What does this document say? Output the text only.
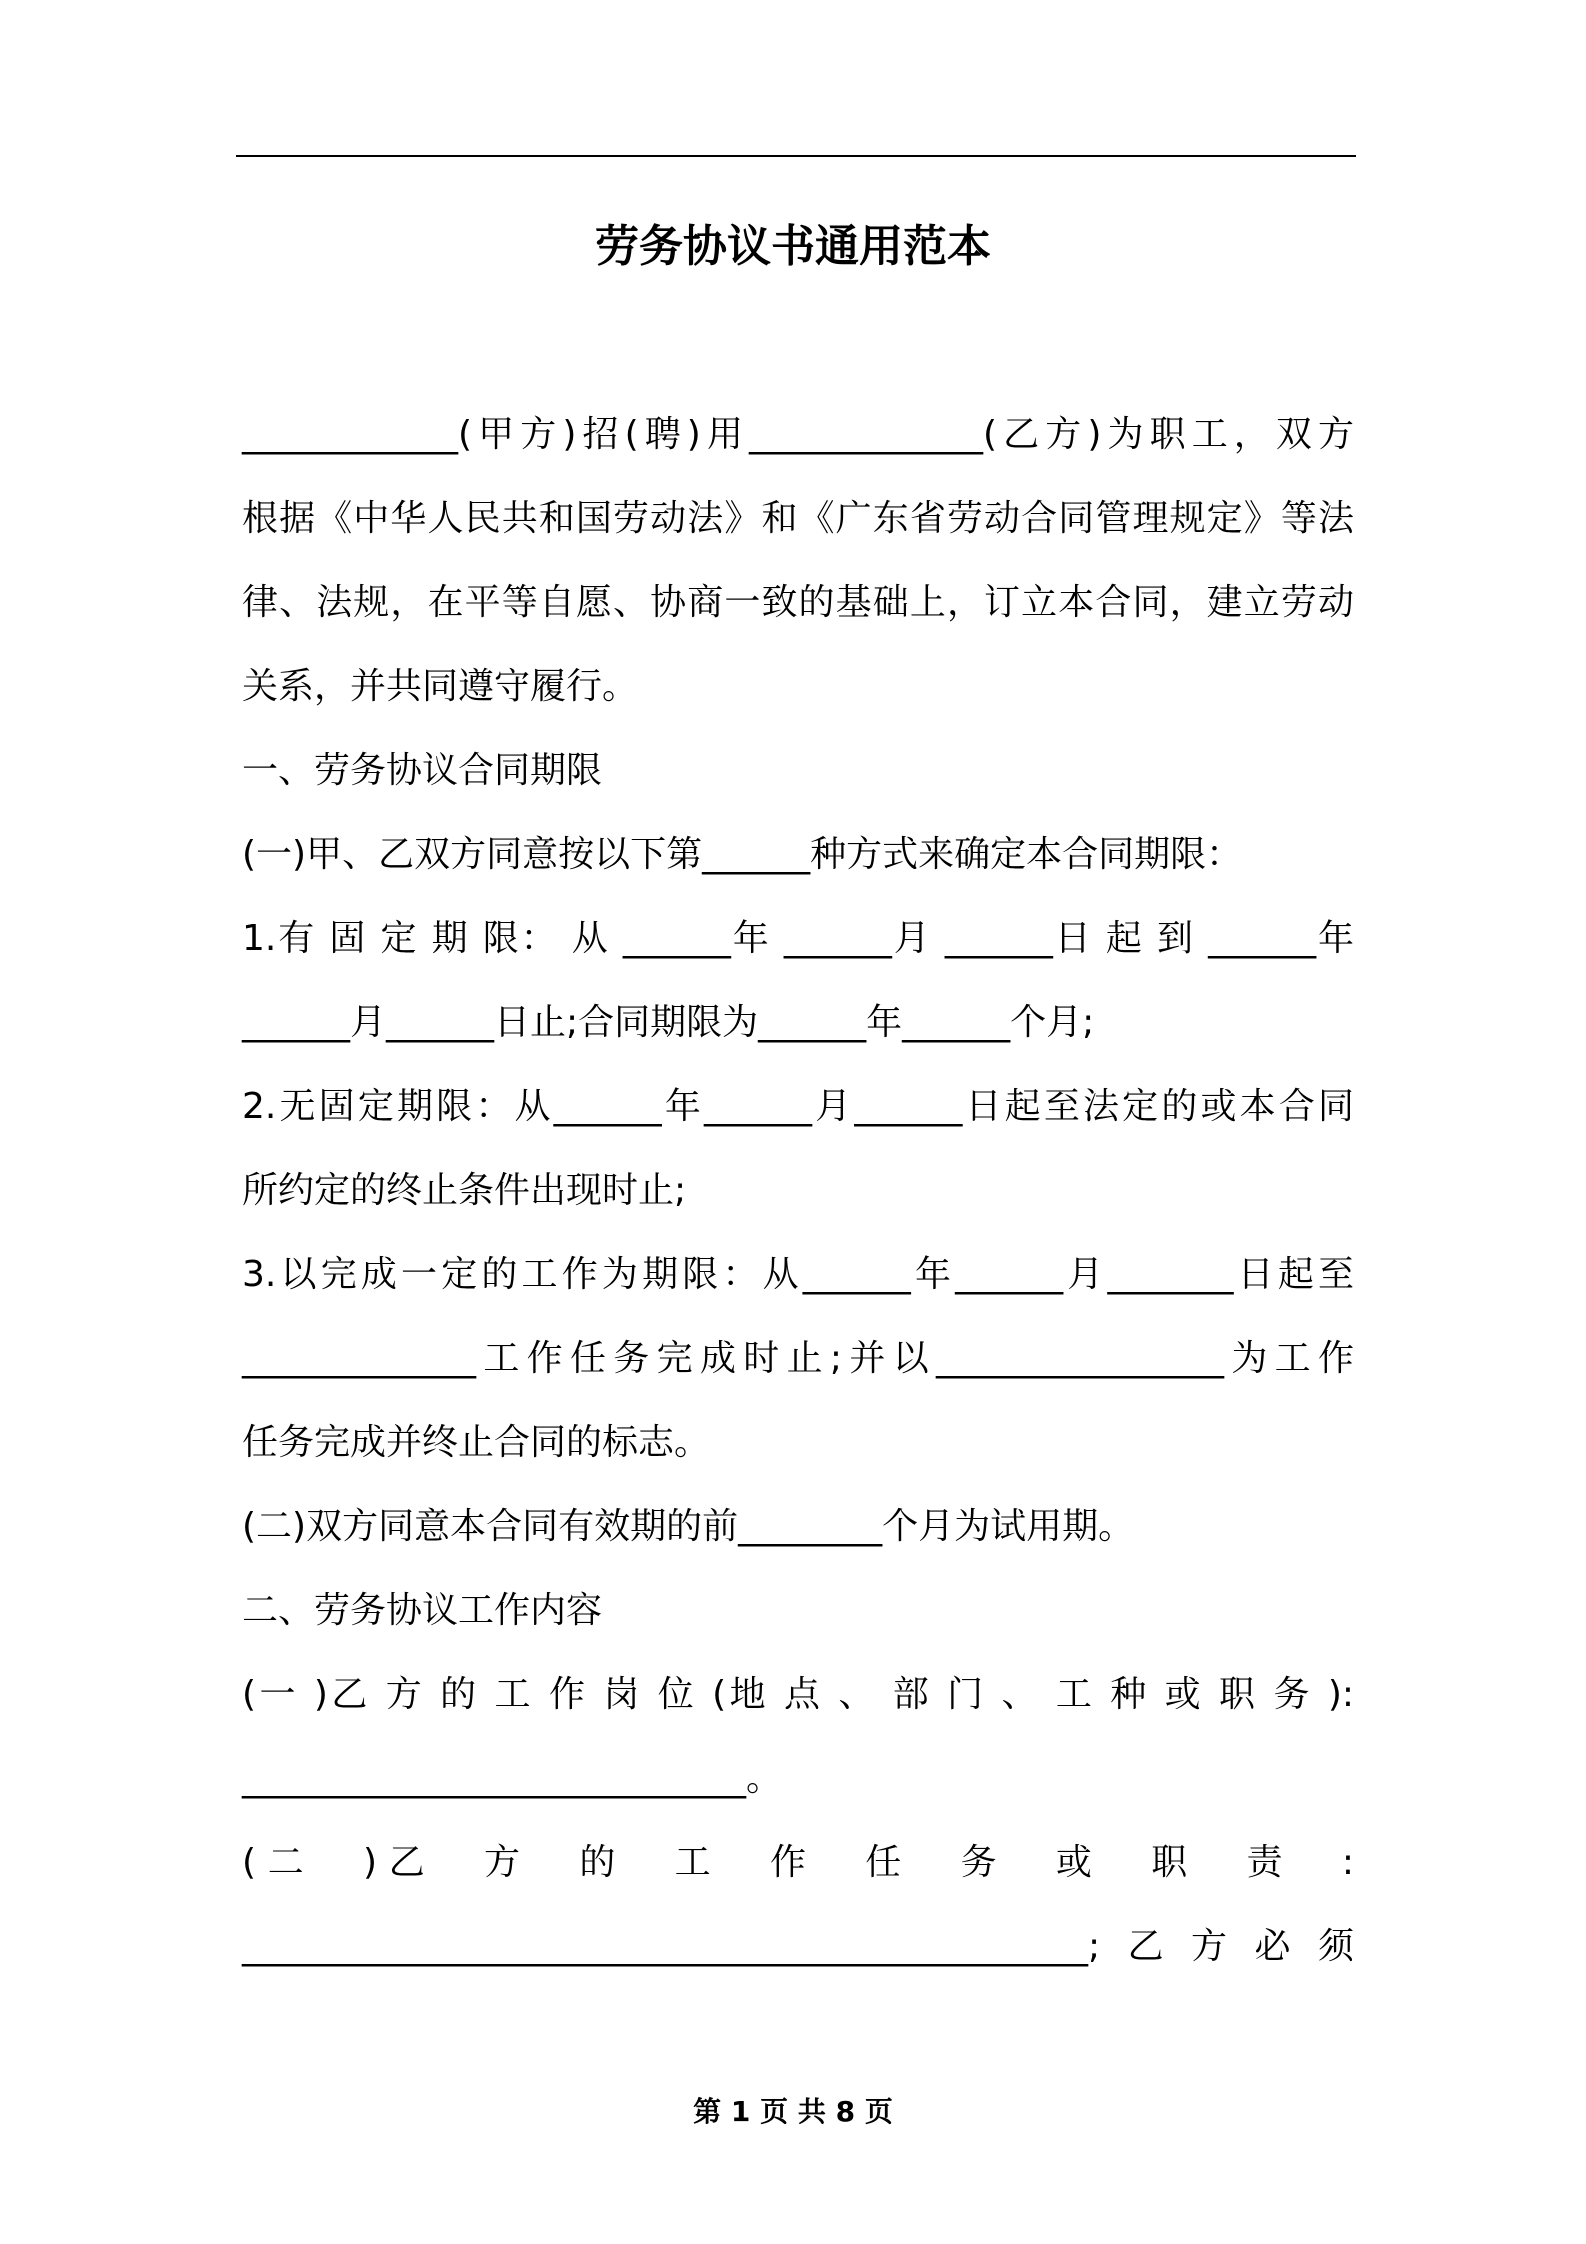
劳务协议书通用范本
____________(甲方)招(聘)用_____________(乙方)为职工，双方
根据《中华人民共和国劳动法》和《广东省劳动合同管理规定》等法
律、法规，在平等自愿、协商一致的基础上，订立本合同，建立劳动
关系，并共同遵守履行。
一、劳务协议合同期限
(一)甲、乙双方同意按以下第______种方式来确定本合同期限：
1.有 固 定 期 限： 从 ______年 ______月 ______日 起 到 ______年
______月______日止;合同期限为______年______个月;
2.无固定期限：从______年______月______日起至法定的或本合同
所约定的终止条件出现时止;
3.以完成一定的工作为期限：从______年______月_______日起至
_____________工作任务完成时止;并以________________为工作
任务完成并终止合同的标志。
(二)双方同意本合同有效期的前________个月为试用期。
二、劳务协议工作内容
(一 )乙 方 的 工 作 岗 位 (地 点 、 部 门 、 工 种 或 职 务 ):
____________________________。
(二　)乙　方　的　工　作　任　务　或　职　责　:
_______________________________________________;乙方必须
第 1 页 共 8 页
